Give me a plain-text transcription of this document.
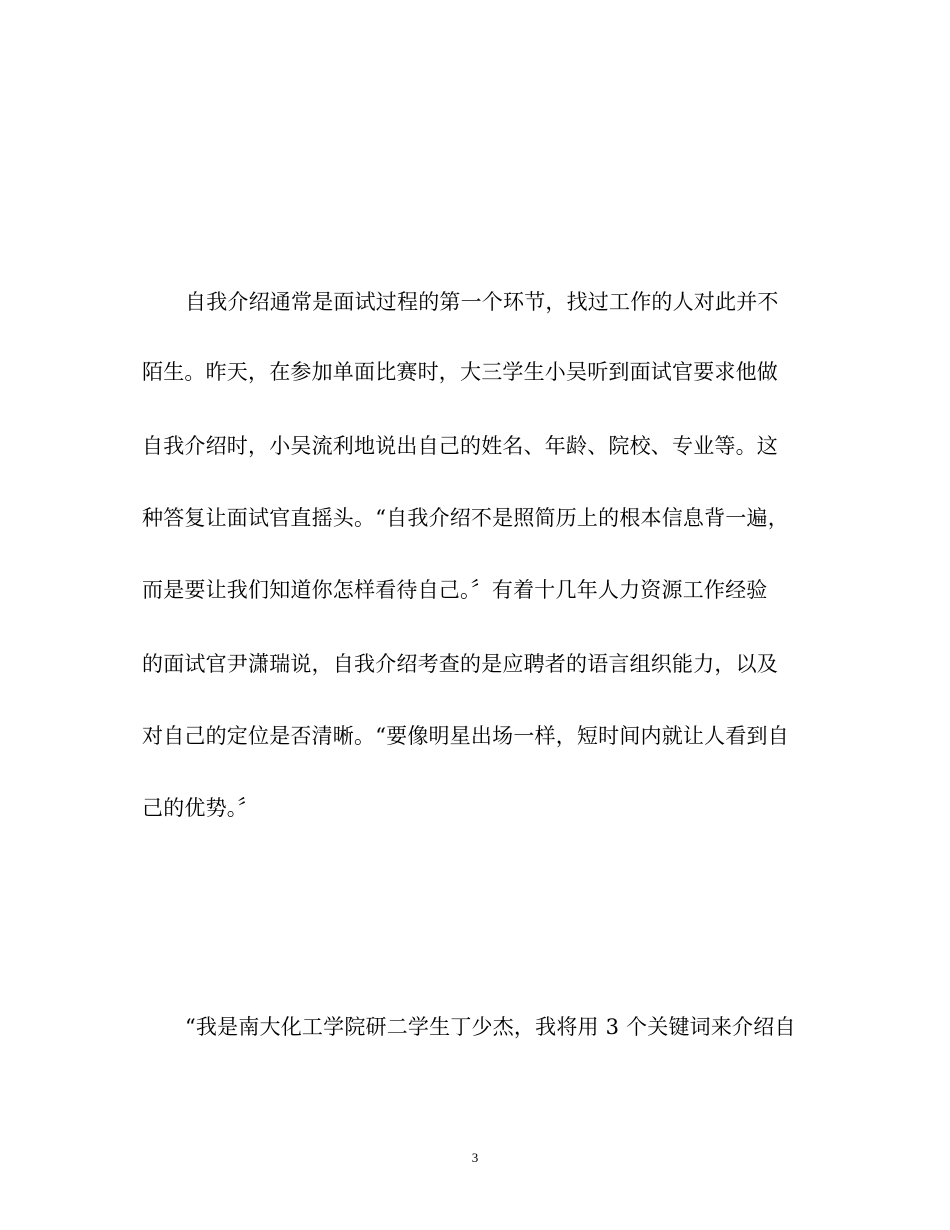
自我介绍通常是面试过程的第一个环节，找过工作的人对此并不
陌生。昨天，在参加单面比赛时，大三学生小吴听到面试官要求他做
自我介绍时，小吴流利地说出自己的姓名、年龄、院校、专业等。这
种答复让面试官直摇头。“自我介绍不是照简历上的根本信息背一遍，
而是要让我们知道你怎样看待自己。〞有着十几年人力资源工作经验
的面试官尹潇瑞说，自我介绍考查的是应聘者的语言组织能力，以及
对自己的定位是否清晰。“要像明星出场一样，短时间内就让人看到自
己的优势。〞
“我是南大化工学院研二学生丁少杰，我将用 3 个关键词来介绍自
3
